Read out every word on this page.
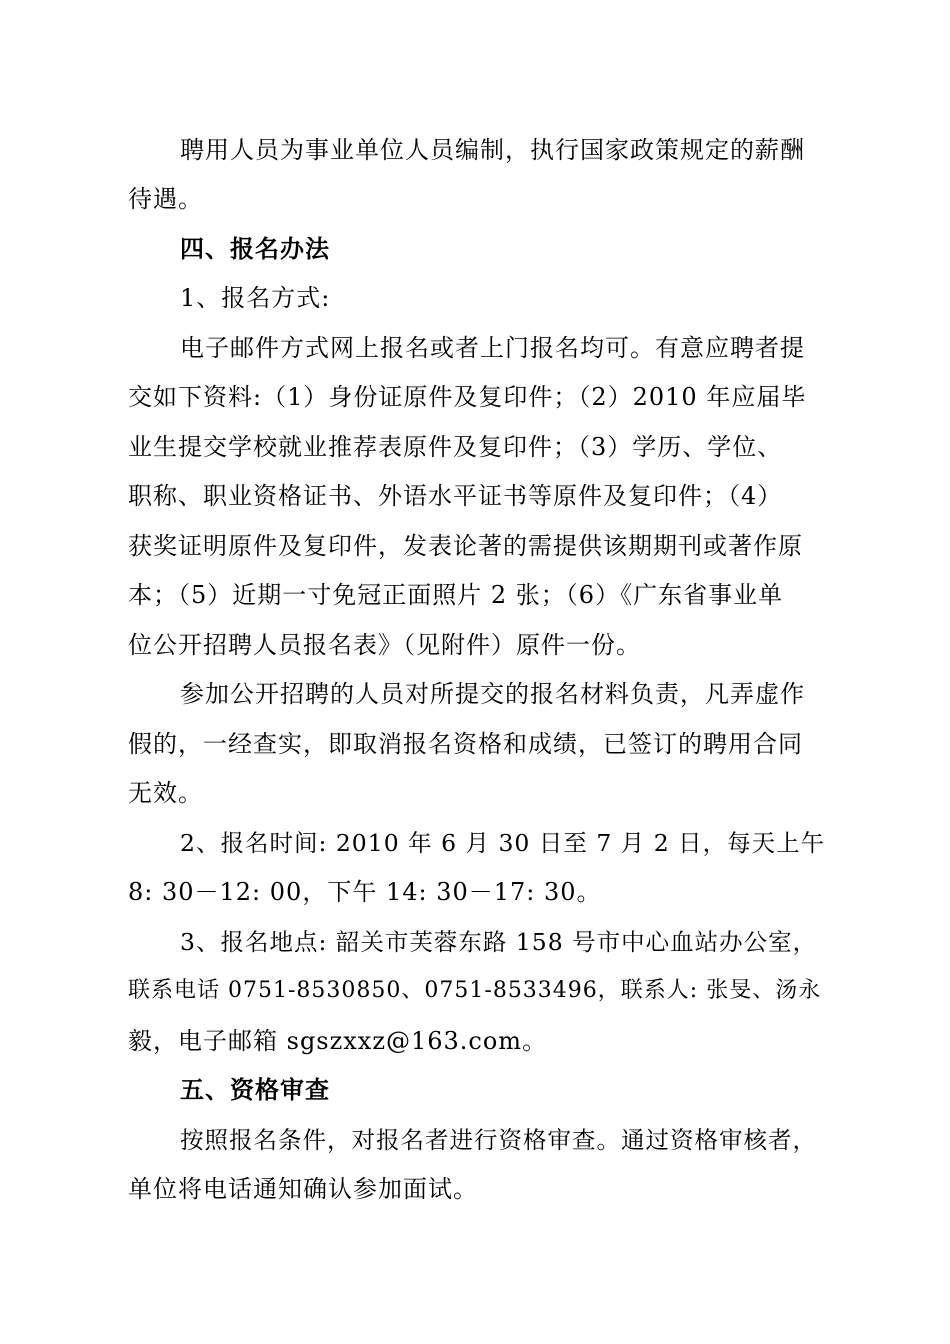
聘用人员为事业单位人员编制，执行国家政策规定的薪酬
待遇。
四、报名办法
1、报名方式:
电子邮件方式网上报名或者上门报名均可。有意应聘者提
交如下资料:（1）身份证原件及复印件；（2）2010 年应届毕
业生提交学校就业推荐表原件及复印件；（3）学历、学位、
职称、职业资格证书、外语水平证书等原件及复印件；（4）
获奖证明原件及复印件，发表论著的需提供该期期刊或著作原
本；（5）近期一寸免冠正面照片 2 张；（6）《广东省事业单
位公开招聘人员报名表》（见附件）原件一份。
参加公开招聘的人员对所提交的报名材料负责，凡弄虚作
假的，一经查实，即取消报名资格和成绩，已签订的聘用合同
无效。
2、报名时间: 2010 年 6 月 30 日至 7 月 2 日，每天上午
8: 30－12: 00，下午 14: 30－17: 30。
3、报名地点: 韶关市芙蓉东路 158 号市中心血站办公室，
联系电话 0751-8530850、0751-8533496，联系人: 张旻、汤永
毅，电子邮箱 sgszxxz@163.com。
五、资格审查
按照报名条件，对报名者进行资格审查。通过资格审核者，
单位将电话通知确认参加面试。
